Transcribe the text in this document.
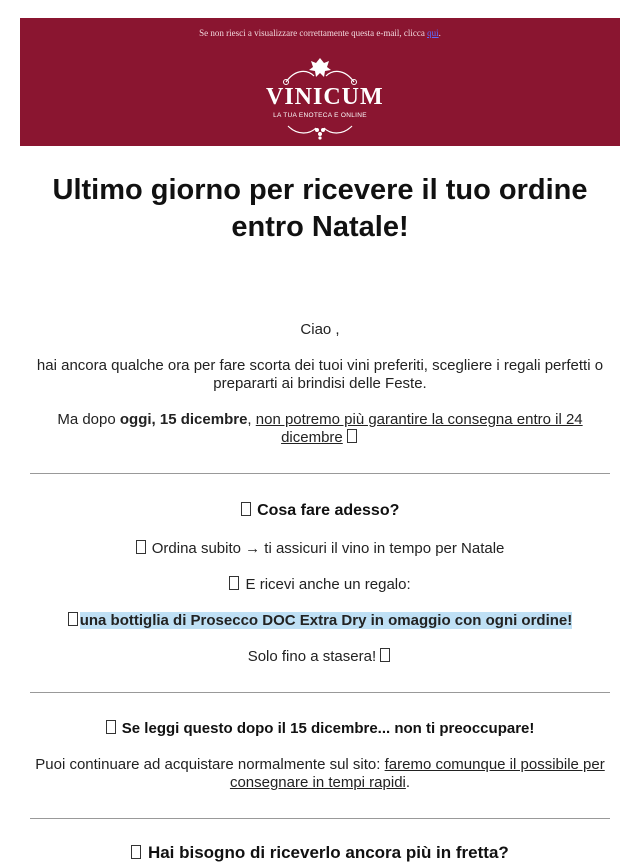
Se non riesci a visualizzare correttamente questa e-mail, clicca qui.
VINICUM
LA TUA ENOTECA E ONLINE
Ultimo giorno per ricevere il tuo ordine entro Natale!

Ciao ,

hai ancora qualche ora per fare scorta dei tuoi vini preferiti, scegliere i regali perfetti o prepararti ai brindisi delle Feste.

Ma dopo oggi, 15 dicembre, non potremo più garantire la consegna entro il 24 dicembre

Cosa fare adesso?

Ordina subito → ti assicuri il vino in tempo per Natale

E ricevi anche un regalo:

una bottiglia di Prosecco DOC Extra Dry in omaggio con ogni ordine!

Solo fino a stasera!

Se leggi questo dopo il 15 dicembre... non ti preoccupare!

Puoi continuare ad acquistare normalmente sul sito: faremo comunque il possibile per consegnare in tempi rapidi.

Hai bisogno di riceverlo ancora più in fretta?
